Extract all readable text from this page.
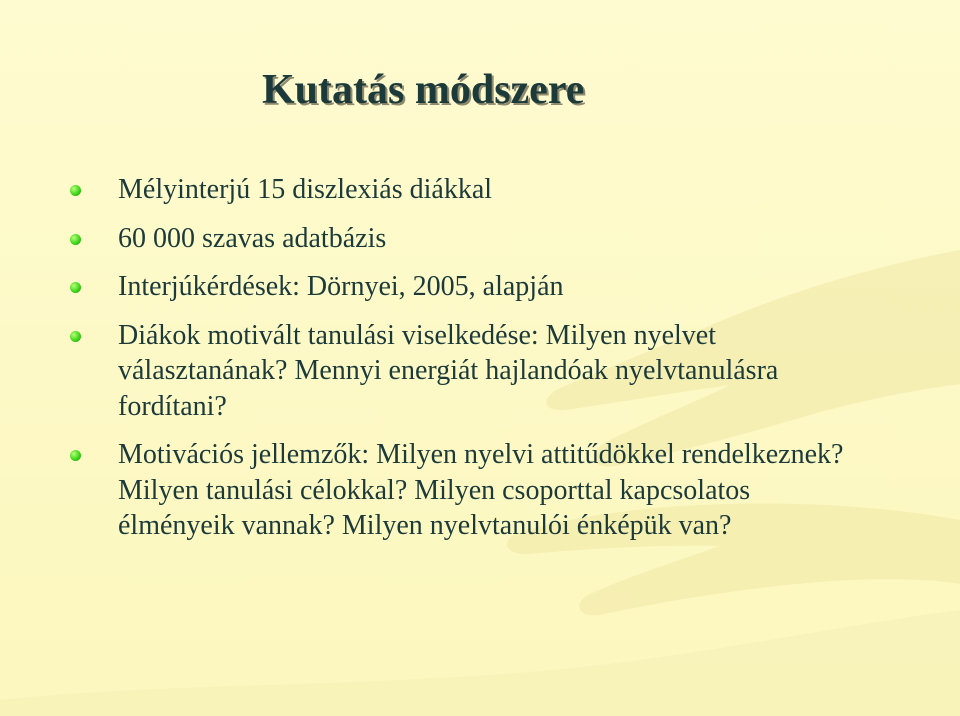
Kutatás módszere
Mélyinterjú 15 diszlexiás diákkal
60 000 szavas adatbázis
Interjúkérdések: Dörnyei, 2005, alapján
Diákok motivált tanulási viselkedése: Milyen nyelvet választanának? Mennyi energiát hajlandóak nyelvtanulásra fordítani?
Motivációs jellemzők: Milyen nyelvi attitűdökkel rendelkeznek? Milyen tanulási célokkal? Milyen csoporttal kapcsolatos élményeik vannak? Milyen nyelvtanulói énképük van?
